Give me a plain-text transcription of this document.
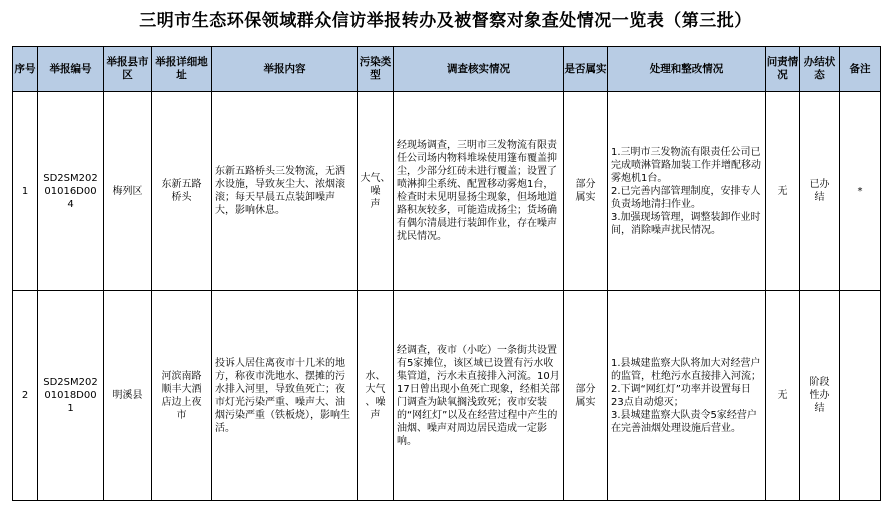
三明市生态环保领域群众信访举报转办及被督察对象查处情况一览表（第三批）
序号	举报编号	举报县市区	举报详细地址	举报内容	污染类型	调查核实情况	是否属实	处理和整改情况	问责情况	办结状态	备注
1	SD2SM202
01016D00
4	梅列区	东新五路
桥头	东新五路桥头三发物流，无洒水设施，导致灰尘大、浓烟滚滚；每天早晨五点装卸噪声大，影响休息。	大气、
噪
声	经现场调查，三明市三发物流有限责任公司场内物料堆垛使用篷布覆盖抑尘，少部分红砖未进行覆盖；设置了喷淋抑尘系统、配置移动雾炮1台，检查时未见明显扬尘现象，但场地道路积灰较多，可能造成扬尘；货场确有偶尔清晨进行装卸作业，存在噪声扰民情况。	部分
属实	1.三明市三发物流有限责任公司已完成喷淋管路加装工作并增配移动雾炮机1台。
2.已完善内部管理制度，安排专人负责场地清扫作业。
3.加强现场管理，调整装卸作业时间，消除噪声扰民情况。	无	已办
结	*
2	SD2SM202
01018D00
1	明溪县	河滨南路
顺丰大酒
店边上夜
市	投诉人居住离夜市十几米的地方，称夜市洗地水、摆摊的污水排入河里，导致鱼死亡；夜市灯光污染严重、噪声大、油烟污染严重（铁板烧），影响生活。	水、
大气
、噪
声	经调查，夜市（小吃）一条街共设置有5家摊位，该区域已设置有污水收集管道，污水未直接排入河流。10月17日曾出现小鱼死亡现象，经相关部门调查为缺氧搁浅致死；夜市安装的“网红灯”以及在经营过程中产生的油烟、噪声对周边居民造成一定影响。	部分
属实	1.县城建监察大队将加大对经营户的监管，杜绝污水直接排入河流；
2.下调“网红灯”功率并设置每日23点自动熄灭；
3.县城建监察大队责令5家经营户在完善油烟处理设施后营业。	无	阶段
性办
结	
